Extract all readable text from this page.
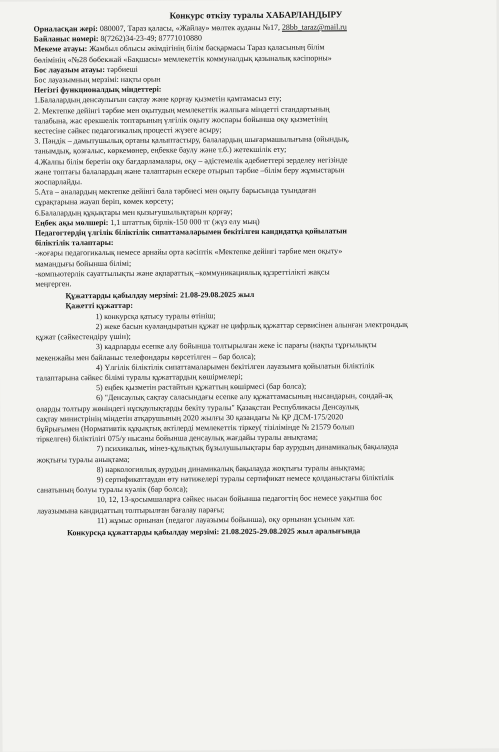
Конкурс өткізу туралы ХАБАРЛАНДЫРУ
Орналасқан жері: 080007, Тараз қаласы, «Жайлау» мөлтек ауданы №17, 28bb_taraz@mail.ru
Байланыс нөмері: 8(7262)34-23-49; 87771010880
Мекеме атауы: Жамбыл облысы әкімдігінің білім басқармасы Тараз қаласының білім
бөлімінің «№28 бөбекжай «Бақшасы» мемлекеттік коммуналдық қазыналық кәсіпорны»
Бос лауазым атауы: тәрбиеші
Бос лауазымның мерзімі: нақты орын
Негізгі функционалдық міндеттері:
1.Балалардың денсаулығын сақтау және қорғау қызметін қамтамасыз ету;
2. Мектепке дейінгі тәрбие мен оқытудың мемлекеттік жалпыға міндетті стандартының
талабына, жас ерекшелік топтарының үлгілік оқыту жоспары бойынша оқу қызметінің
кестесіне сәйкес педагогикалық процесті жүзеге асыру;
3. Пәндік – дамытушылық ортаны қалыптастыру, балалардың шығармашылығына (ойындық,
танымдық, қозғалыс, көркемөнер, еңбекке баулу және т.б.) жетекшілік ету;
4.Жалпы білім беретін оқу бағдарламалары, оқу – әдістемелік әдебиеттері зерделеу негізінде
және топтағы балалардың және талаптарын ескере отырып тәрбие –білім беру жұмыстарын
жоспарлайды.
5.Ата – аналардың мектепке дейінгі бала тәрбиесі мен оқыту барысында туындаған
сұрақтарына жауап беріп, көмек көрсету;
6.Балалардың құқықтары мен қызығушылықтарын қорғау;
Еңбек ақы мөлшері: 1,1 штаттық бірлік-150 000 тг (жүз елу мың)
Педагогтердің үлгілік біліктілік сипаттамаларымен бекітілген кандидатқа қойылатын
біліктілік талаптары:
-жоғары педагогикалық немесе арнайы орта кәсіптік «Мектепке дейінгі тәрбие мен оқыту»
мамандығы бойынша білімі;
-компьютерлік сауаттылықты және ақпараттық –коммуникациялық құзреттілікті жақсы
меңгерген.
Құжаттарды қабылдау мерзімі: 21.08-29.08.2025 жыл
Қажетті құжаттар:
1) конкурсқа қатысу туралы өтініш;
2) жеке басын куәландыратын құжат не цифрлық құжаттар сервисінен алынған электрондық
құжат (сәйкестендіру үшін);
3) кадрларды есепке алу бойынша толтырылған жеке іс парағы (нақты тұрғылықты
мекенжайы мен байланыс телефондары көрсетілген – бар болса);
4) Үлгілік біліктілік сипаттамаларымен бекітілген лауазымға қойылатын біліктілік
талаптарына сәйкес білімі туралы құжаттардың көшірмелері;
5) еңбек қызметін растайтын құжаттың көшірмесі (бар болса);
6) "Денсаулық сақтау саласындағы есепке алу құжаттамасының нысандарын, сондай-ақ
оларды толтыру жөніндегі нұсқаулықтарды бекіту туралы" Қазақстан Республикасы Денсаулық
сақтау министрінің міндетін атқарушының 2020 жылғы 30 қазандағы № ҚР ДСМ-175/2020
бұйрығымен (Нормативтік құқықтық актілерді мемлекеттік тіркеу( тізілімінде № 21579 болып
тіркелген) біліктілігі 075/у нысаны бойынша денсаулық жағдайы туралы анықтама;
7) психикалық, мінез-құлықтық бұзылушылықтары бар аурудың динамикалық бақылауда
жоқтығы туралы анықтама;
8) наркологиялық аурудың динамикалық бақылауда жоқтығы туралы анықтама;
9) сертификаттаудан өту нәтижелері туралы сертификат немесе қолданыстағы біліктілік
санатының болуы туралы куәлік (бар болса);
10, 12, 13-қосымшаларға сәйкес нысан бойынша педагогтің бос немесе уақытша бос
лауазымына кандидаттың толтырылған бағалау парағы;
11) жұмыс орнынан (педагог лауазымы бойынша), оқу орнынан ұсыным хат.
Конкурсқа құжаттарды қабылдау мерзімі: 21.08.2025-29.08.2025 жыл аралығында
